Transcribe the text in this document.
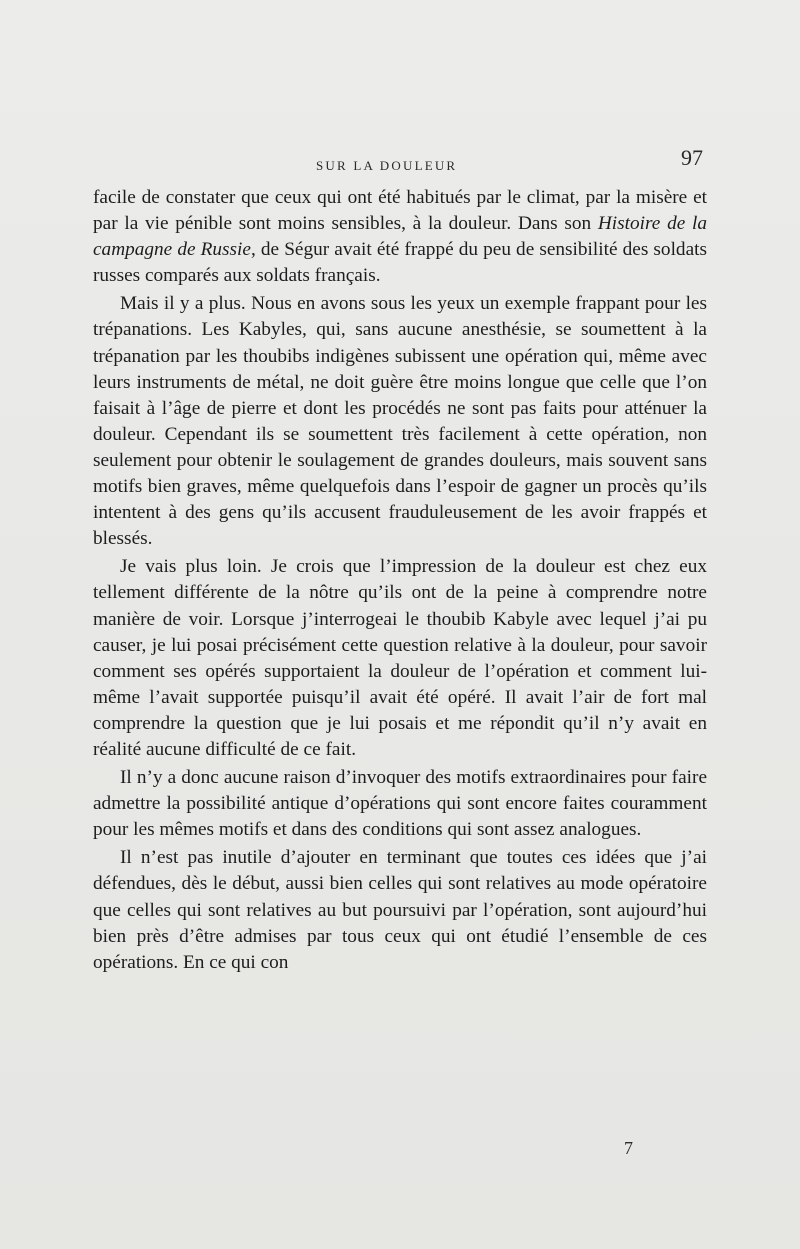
SUR LA DOULEUR	97

facile de constater que ceux qui ont été habitués par le climat, par la misère et par la vie pénible sont moins sensibles, à la douleur. Dans son Histoire de la campagne de Russie, de Ségur avait été frappé du peu de sensibilité des soldats russes comparés aux soldats français.

Mais il y a plus. Nous en avons sous les yeux un exemple frappant pour les trépanations. Les Kabyles, qui, sans aucune anesthésie, se soumettent à la trépanation par les thoubibs indigènes subissent une opération qui, même avec leurs instruments de métal, ne doit guère être moins longue que celle que l’on faisait à l’âge de pierre et dont les procédés ne sont pas faits pour atténuer la douleur. Cependant ils se soumettent très facilement à cette opération, non seulement pour obtenir le soulagement de grandes douleurs, mais souvent sans motifs bien graves, même quelquefois dans l’espoir de gagner un procès qu’ils intentent à des gens qu’ils accusent frauduleusement de les avoir frappés et blessés.

Je vais plus loin. Je crois que l’impression de la douleur est chez eux tellement différente de la nôtre qu’ils ont de la peine à comprendre notre manière de voir. Lorsque j’interrogeai le thoubib Kabyle avec lequel j’ai pu causer, je lui posai précisément cette question relative à la douleur, pour savoir comment ses opérés supportaient la douleur de l’opération et comment lui-même l’avait supportée puisqu’il avait été opéré. Il avait l’air de fort mal comprendre la question que je lui posais et me répondit qu’il n’y avait en réalité aucune difficulté de ce fait.

Il n’y a donc aucune raison d’invoquer des motifs extraordinaires pour faire admettre la possibilité antique d’opérations qui sont encore faites couramment pour les mêmes motifs et dans des conditions qui sont assez analogues.

Il n’est pas inutile d’ajouter en terminant que toutes ces idées que j’ai défendues, dès le début, aussi bien celles qui sont relatives au mode opératoire que celles qui sont relatives au but poursuivi par l’opération, sont aujourd’hui bien près d’être admises par tous ceux qui ont étudié l’ensemble de ces opérations. En ce qui con

7
